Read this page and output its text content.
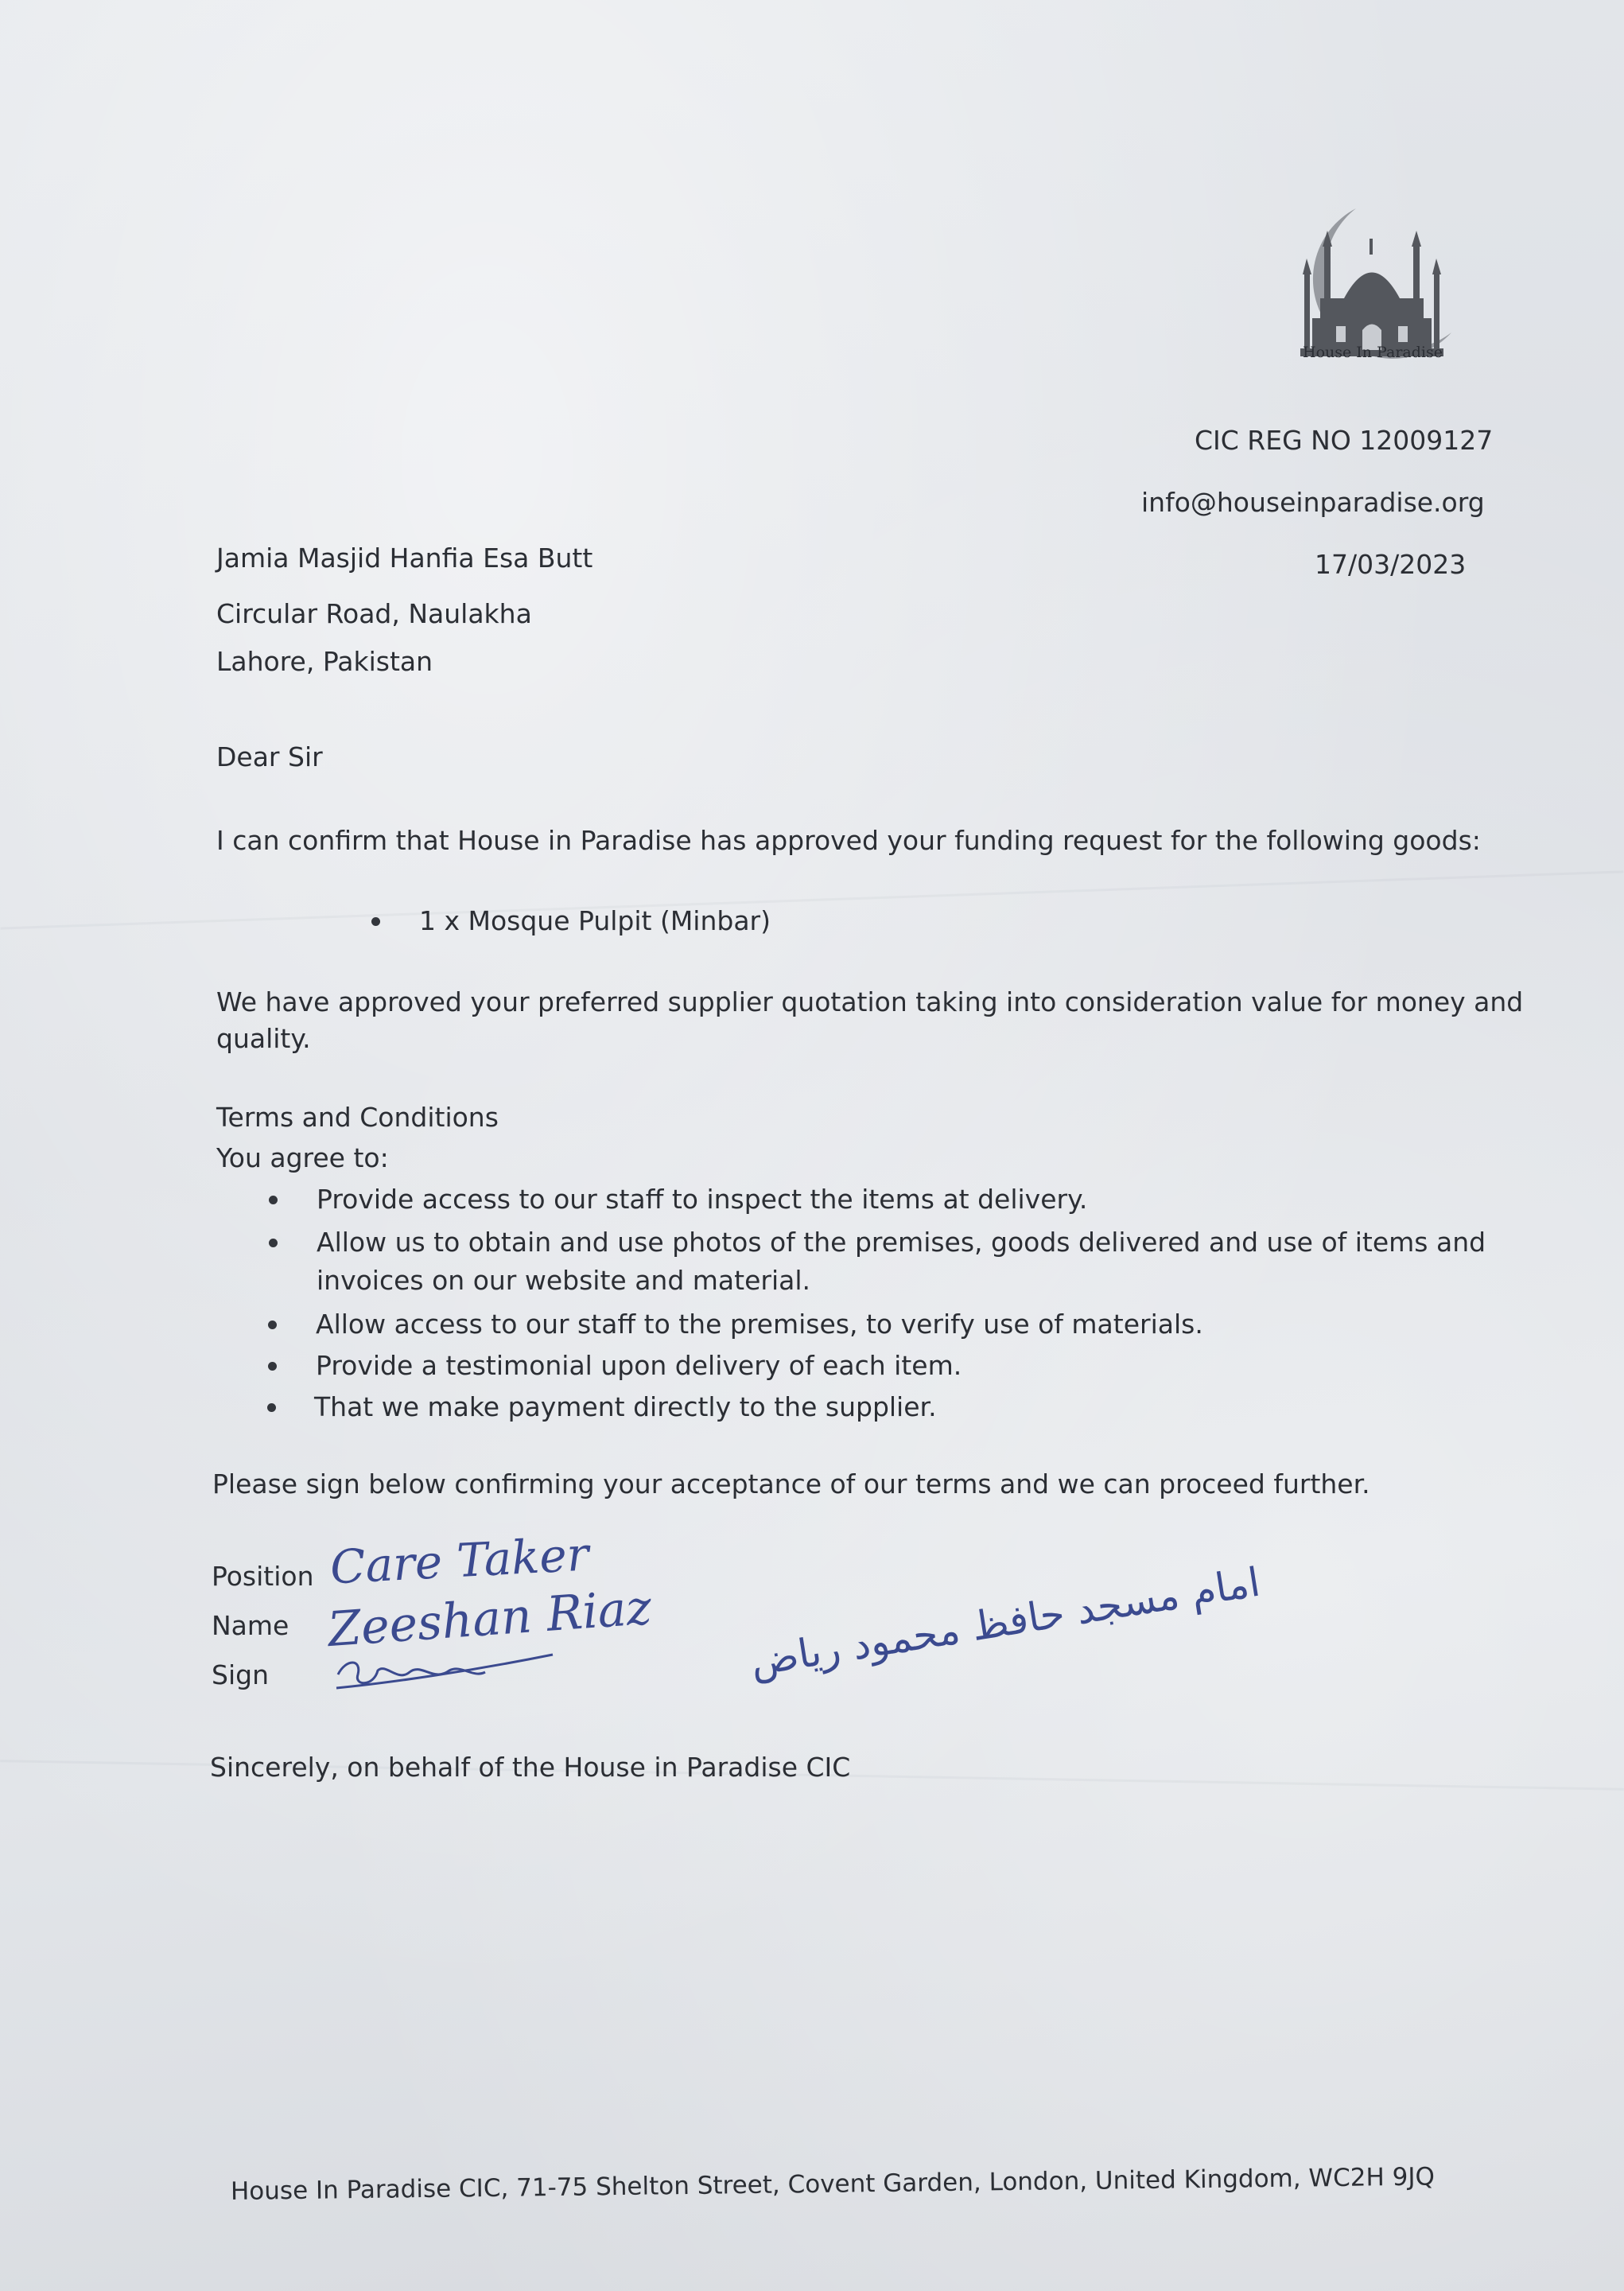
House In Paradise
CIC REG NO 12009127
info@houseinparadise.org
17/03/2023
Jamia Masjid Hanfia Esa Butt
Circular Road, Naulakha
Lahore, Pakistan
Dear Sir
I can confirm that House in Paradise has approved your funding request for the following goods:
1 x Mosque Pulpit (Minbar)
We have approved your preferred supplier quotation taking into consideration value for money and
quality.
Terms and Conditions
You agree to:
Provide access to our staff to inspect the items at delivery.
Allow us to obtain and use photos of the premises, goods delivered and use of items and
invoices on our website and material.
Allow access to our staff to the premises, to verify use of materials.
Provide a testimonial upon delivery of each item.
That we make payment directly to the supplier.
Please sign below confirming your acceptance of our terms and we can proceed further.
Position
Name
Sign
Care Taker
Zeeshan Riaz امام مسجد حافظ محمود ریاض
Sincerely, on behalf of the House in Paradise CIC
House In Paradise CIC, 71-75 Shelton Street, Covent Garden, London, United Kingdom, WC2H 9JQ
